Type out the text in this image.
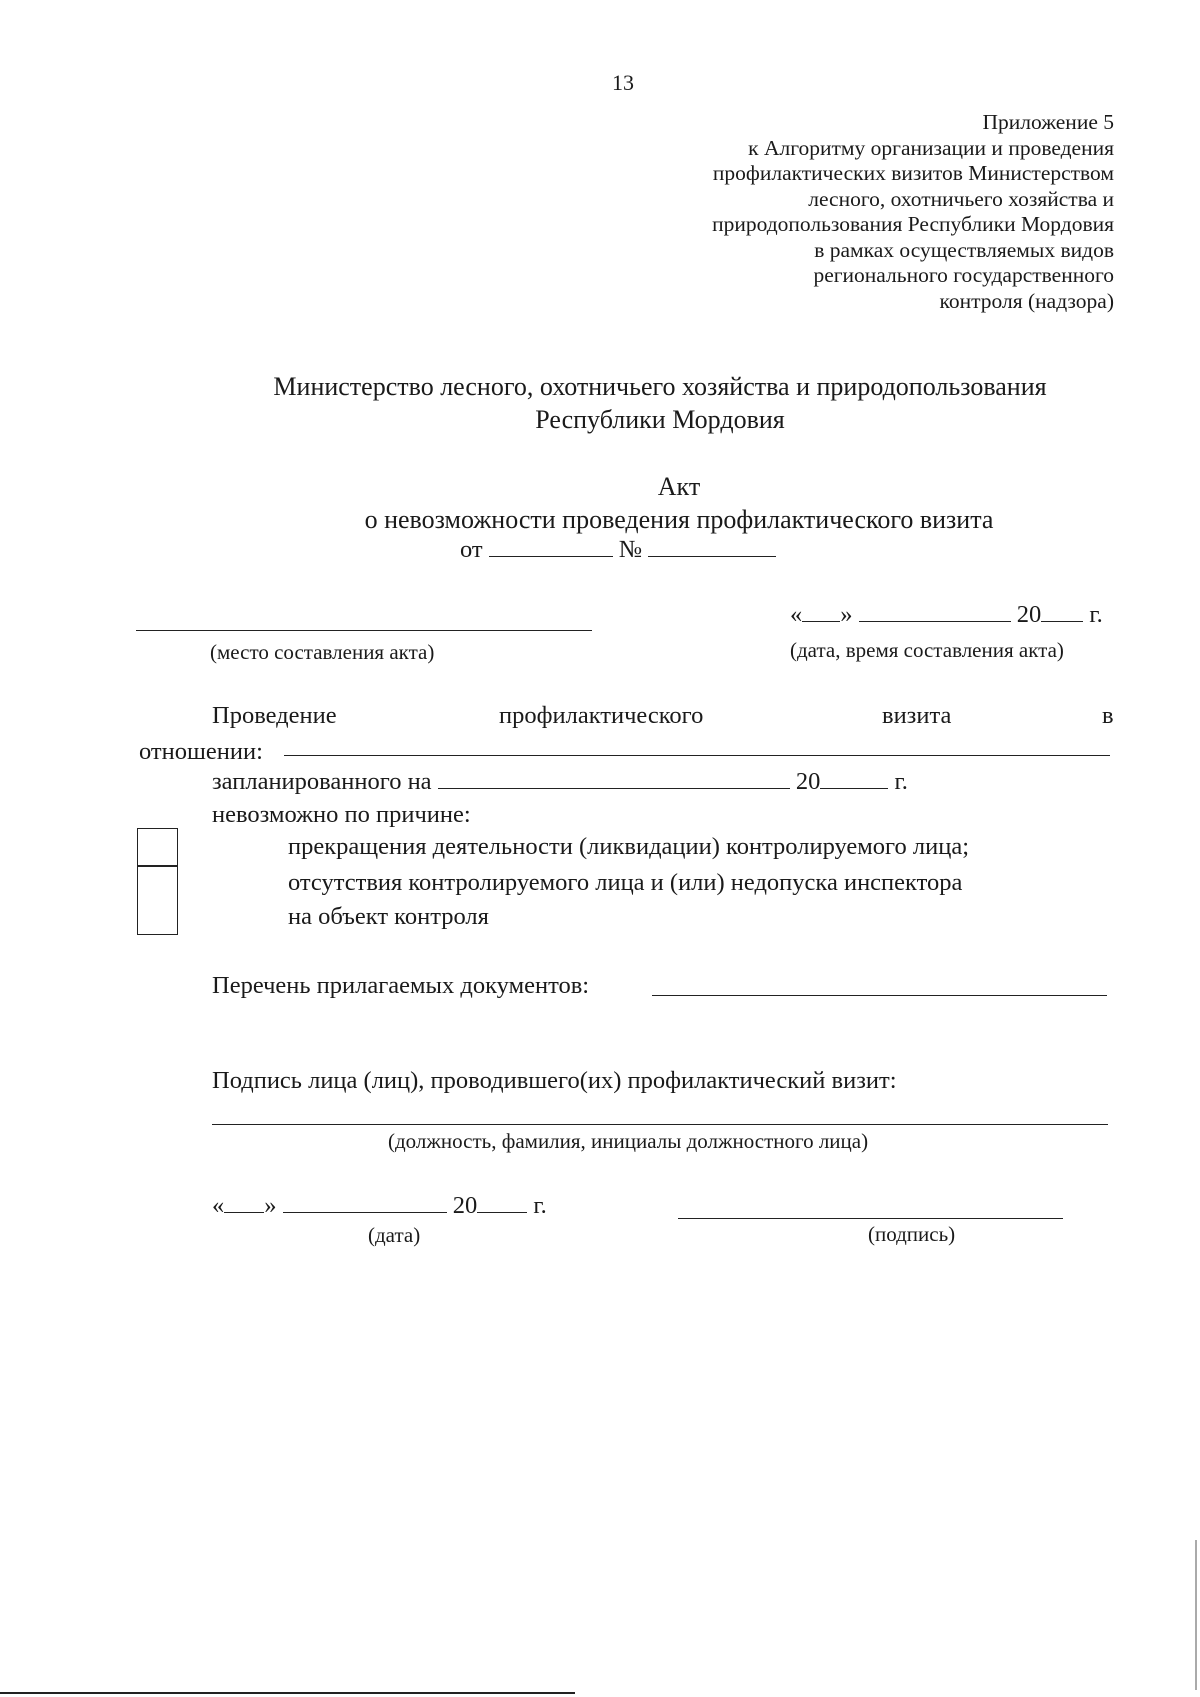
13
Приложение 5
к Алгоритму организации и проведения
профилактических визитов Министерством
лесного, охотничьего хозяйства и
природопользования Республики Мордовия
в рамках осуществляемых видов
регионального государственного
контроля (надзора)
Министерство лесного, охотничьего хозяйства и природопользования
Республики Мордовия
Акт
о невозможности проведения профилактического визита
от	№
(место составления акта)
« »	20 г.
(дата, время составления акта)
Проведение	профилактического	визита	в
отношении:
запланированного на	20	г.
невозможно по причине:
прекращения деятельности (ликвидации) контролируемого лица;
отсутствия контролируемого лица и (или) недопуска инспектора
на объект контроля
Перечень прилагаемых документов:
Подпись лица (лиц), проводившего(их) профилактический визит:
(должность, фамилия, инициалы должностного лица)
« »	20 г.
(дата)	(подпись)
